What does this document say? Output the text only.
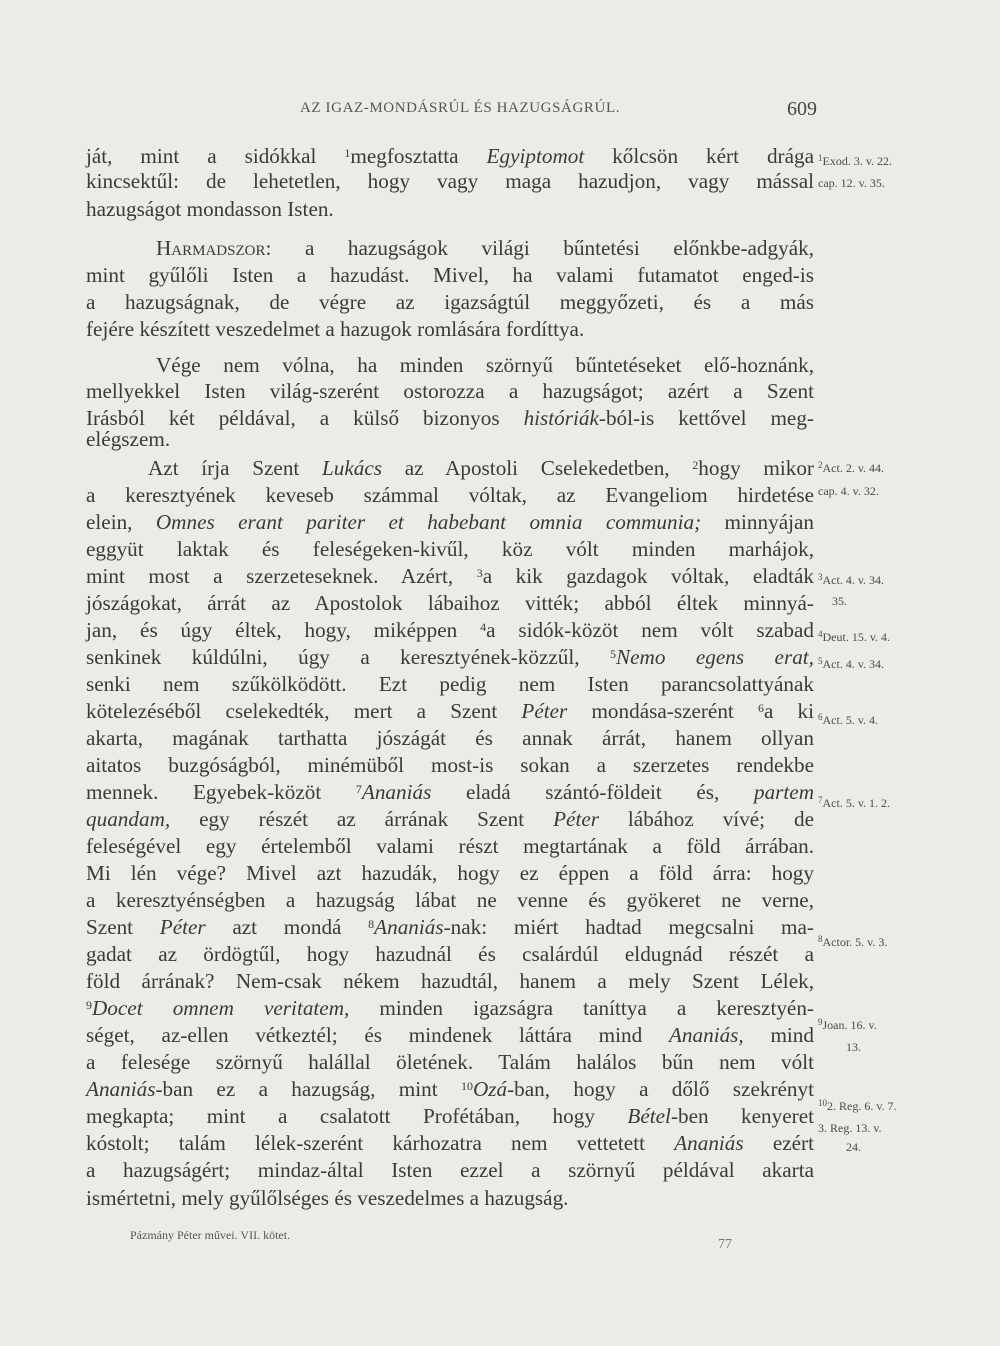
AZ IGAZ-MONDÁSRÚL ÉS HAZUGSÁGRÚL.	609
ját, mint a sidókkal $^1$megfosztatta Egyiptomot kőlcsön kért drága
kincsektűl: de lehetetlen, hogy vagy maga hazudjon, vagy mással
hazugságot mondasson Isten.
Harmadszor: a hazugságok világi bűntetési előnkbe-adgyák,
mint gyűlőli Isten a hazudást. Mivel, ha valami futamatot enged-is
a hazugságnak, de végre az igazságtúl meggyőzeti, és a más
fejére készített veszedelmet a hazugok romlására fordíttya.
Vége nem vólna, ha minden szörnyű bűntetéseket elő-hoznánk,
mellyekkel Isten világ-szerént ostorozza a hazugságot; azért a Szent
Irásból két példával, a külső bizonyos históriák-ból-is kettővel meg-
elégszem.
Azt írja Szent Lukács az Apostoli Cselekedetben, $^2$hogy mikor
a keresztyének keveseb számmal vóltak, az Evangeliom hirdetése
elein, Omnes erant pariter et habebant omnia communia; minnyájan
eggyüt laktak és feleségeken-kivűl, köz vólt minden marhájok,
mint most a szerzeteseknek. Azért, $^3$a kik gazdagok vóltak, eladták
jószágokat, árrát az Apostolok lábaihoz vitték; abból éltek minnyá-
jan, és úgy éltek, hogy, miképpen $^4$a sidók-közöt nem vólt szabad
senkinek kúldúlni, úgy a keresztyének-közzűl, $^5$Nemo egens erat,
senki nem szűkölködött. Ezt pedig nem Isten parancsolattyának
kötelezéséből cselekedték, mert a Szent Péter mondása-szerént $^6$a ki
akarta, magának tarthatta jószágát és annak árrát, hanem ollyan
aitatos buzgóságból, minémüből most-is sokan a szerzetes rendekbe
mennek. Egyebek-közöt $^7$Ananiás eladá szántó-földeit és, partem
quandam, egy részét az árrának Szent Péter lábához vívé; de
feleségével egy értelemből valami részt megtartának a föld árrában.
Mi lén vége? Mivel azt hazudák, hogy ez éppen a föld árra: hogy
a keresztyénségben a hazugság lábat ne venne és gyökeret ne verne,
Szent Péter azt mondá $^8$Ananiás-nak: miért hadtad megcsalni ma-
gadat az ördögtűl, hogy hazudnál és csalárdúl eldugnád részét a
föld árrának? Nem-csak nékem hazudtál, hanem a mely Szent Lélek,
$^9$Docet omnem veritatem, minden igazságra taníttya a keresztyén-
séget, az-ellen vétkeztél; és mindenek láttára mind Ananiás, mind
a felesége szörnyű halállal öletének. Talám halálos bűn nem vólt
Ananiás-ban ez a hazugság, mint $^{10}$Ozá-ban, hogy a dőlő szekrényt
megkapta; mint a csalatott Profétában, hogy Bétel-ben kenyeret
kóstolt; talám lélek-szerént kárhozatra nem vettetett Ananiás ezért
a hazugságért; mindaz-által Isten ezzel a szörnyű példával akarta
ismértetni, mely gyűlőlséges és veszedelmes a hazugság.
$^1$Exod. 3. v. 22.
cap. 12. v. 35.
$^2$Act. 2. v. 44.
cap. 4. v. 32.
$^3$Act. 4. v. 34.
35.
$^4$Deut. 15. v. 4.
$^5$Act. 4. v. 34.
$^6$Act. 5. v. 4.
$^7$Act. 5. v. 1. 2.
$^8$Actor. 5. v. 3.
$^9$Joan. 16. v.
13.
$^{10}$2. Reg. 6. v. 7.
3. Reg. 13. v.
24.
Pázmány Péter művei. VII. kötet.
77
